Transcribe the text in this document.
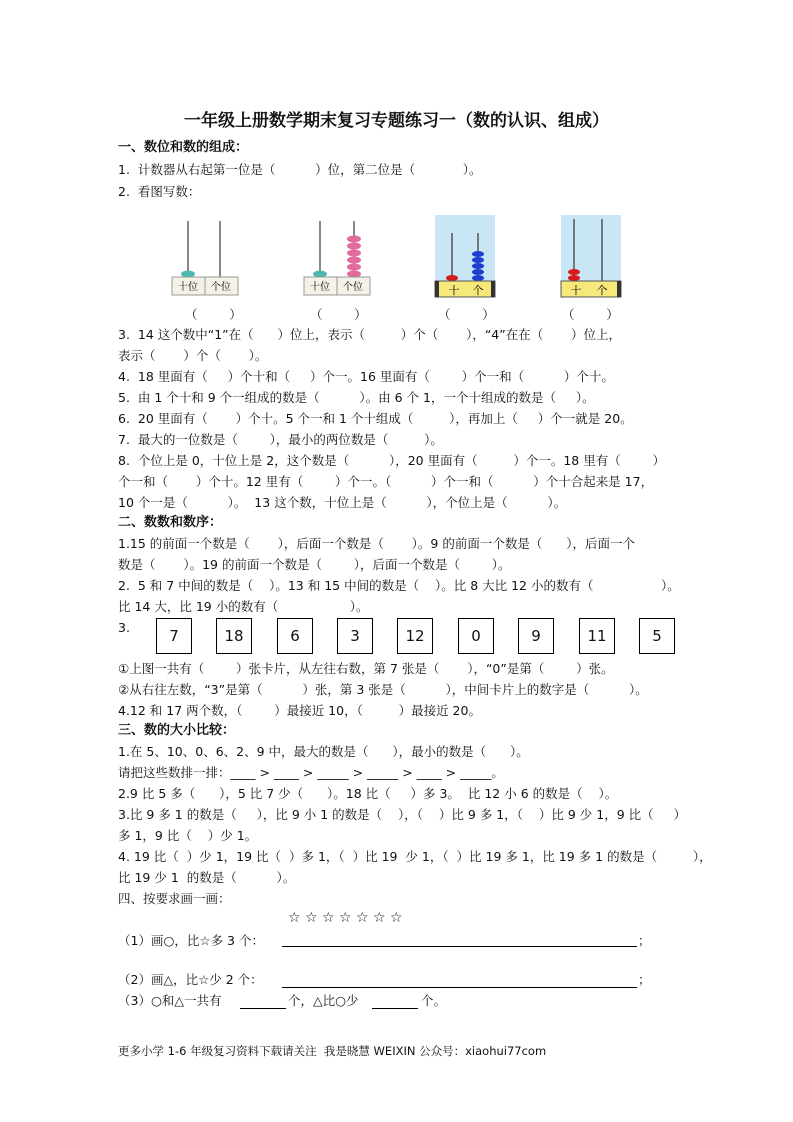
一年级上册数学期末复习专题练习一（数的认识、组成）
一、数位和数的组成：
1.  计数器从右起第一位是（          ）位，第二位是（            ）。
2.  看图写数：
十位 个位	十位 个位	十 个	十 个
（        ）	（        ）	（        ）	（        ）
3.  14 这个数中“1”在（      ）位上，表示（         ）个（       ），“4”在在（       ）位上，
表示（       ）个（       ）。
4.  18 里面有（     ）个十和（     ）个一。16 里面有（        ）个一和（          ）个十。
5.  由 1 个十和 9 个一组成的数是（          ）。由 6 个 1，一个十组成的数是（     ）。
6.  20 里面有（       ）个十。5 个一和 1 个十组成（         ），再加上（     ）个一就是 20。
7.  最大的一位数是（        ），最小的两位数是（         ）。
8.  个位上是 0，十位上是 2，这个数是（          ），20 里面有（         ）个一。18 里有（        ）
个一和（       ）个十。12 里有（        ）个一。（          ）个一和（          ）个十合起来是 17，
10 个一是（          ）。  13 这个数，十位上是（          ），个位上是（          ）。
二、数数和数序：
1.15 的前面一个数是（       ），后面一个数是（       ）。9 的前面一个数是（      ），后面一个
数是（       ）。19 的前面一个数是（        ），后面一个数是（        ）。
2.  5 和 7 中间的数是（    ）。13 和 15 中间的数是（    ）。比 8 大比 12 小的数有（                 ）。
比 14 大，比 19 小的数有（                  ）。
3.	7	18	6	3	12	0	9	11	5
①上图一共有（        ）张卡片，从左往右数，第 7 张是（       ），“0”是第（        ）张。
②从右往左数，“3”是第（          ）张，第 3 张是（          ），中间卡片上的数字是（          ）。
4.12 和 17 两个数，（        ）最接近 10，（         ）最接近 20。
三、数的大小比较：
1.在 5、10、0、6、2、9 中，最大的数是（      ），最小的数是（      ）。
请把这些数排一排：____ > ____ > _____ > _____ > ____ > _____。
2.9 比 5 多（      ），5 比 7 少（      ）。18 比（     ）多 3。  比 12 小 6 的数是（    ）。
3.比 9 多 1 的数是（     ），比 9 小 1 的数是（    ），（    ）比 9 多 1，（    ）比 9 少 1，9 比（     ）
多 1，9 比（    ）少 1。
4. 19 比（  ）少 1，19 比（  ）多 1，（  ）比 19  少 1，（  ）比 19 多 1，比 19 多 1 的数是（         ），
比 19 少 1  的数是（          ）。
四、按要求画一画：
☆ ☆ ☆ ☆ ☆ ☆ ☆
（1）画○，比☆多 3 个：	；
（2）画△，比☆少 2 个：	；
（3）○和△一共有	个，△比○少	个。
更多小学 1-6 年级复习资料下载请关注  我是晓慧 WEIXIN 公众号：xiaohui77com
